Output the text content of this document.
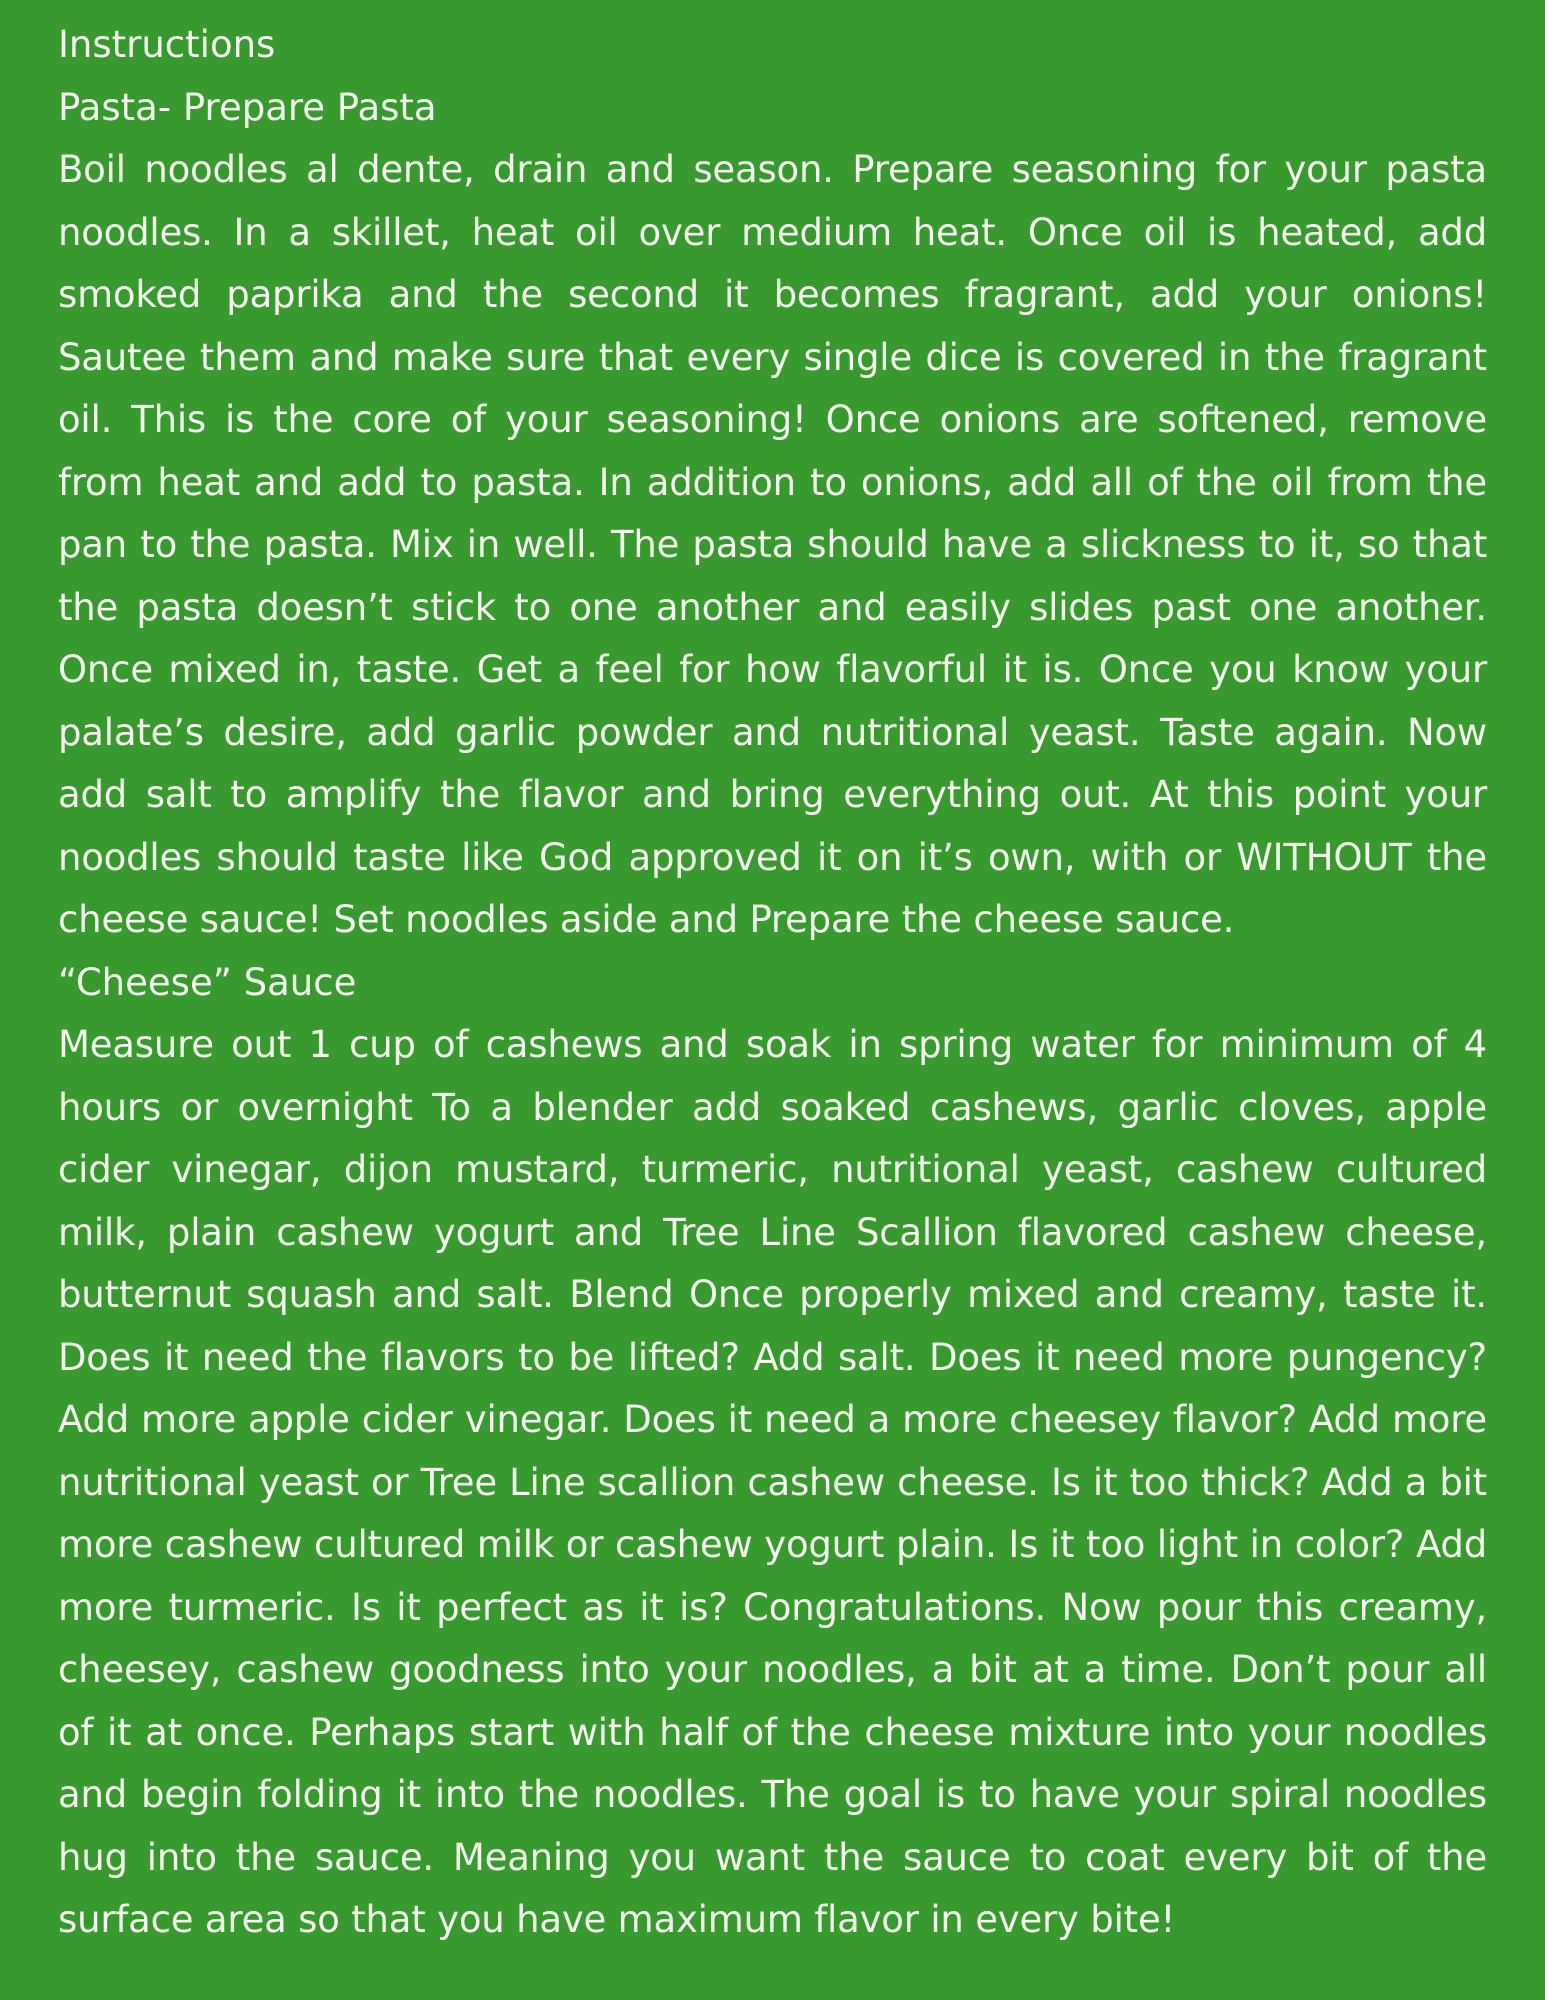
Instructions
Pasta- Prepare Pasta

Boil noodles al dente, drain and season. Prepare seasoning for your pasta noodles. In a skillet, heat oil over medium heat. Once oil is heated, add smoked paprika and the second it becomes fragrant, add your onions! Sautee them and make sure that every single dice is covered in the fragrant oil. This is the core of your seasoning! Once onions are softened, remove from heat and add to pasta. In addition to onions, add all of the oil from the pan to the pasta. Mix in well. The pasta should have a slickness to it, so that the pasta doesn’t stick to one another and easily slides past one another. Once mixed in, taste. Get a feel for how flavorful it is. Once you know your palate’s desire, add garlic powder and nutritional yeast. Taste again. Now add salt to amplify the flavor and bring everything out. At this point your noodles should taste like God approved it on it’s own, with or WITHOUT the cheese sauce! Set noodles aside and Prepare the cheese sauce.

“Cheese” Sauce

Measure out 1 cup of cashews and soak in spring water for minimum of 4 hours or overnight To a blender add soaked cashews, garlic cloves, apple cider vinegar, dijon mustard, turmeric, nutritional yeast, cashew cultured milk, plain cashew yogurt and Tree Line Scallion flavored cashew cheese, butternut squash and salt. Blend Once properly mixed and creamy, taste it. Does it need the flavors to be lifted? Add salt. Does it need more pungency? Add more apple cider vinegar. Does it need a more cheesey flavor? Add more nutritional yeast or Tree Line scallion cashew cheese. Is it too thick? Add a bit more cashew cultured milk or cashew yogurt plain. Is it too light in color? Add more turmeric. Is it perfect as it is? Congratulations. Now pour this creamy, cheesey, cashew goodness into your noodles, a bit at a time. Don’t pour all of it at once. Perhaps start with half of the cheese mixture into your noodles and begin folding it into the noodles. The goal is to have your spiral noodles hug into the sauce. Meaning you want the sauce to coat every bit of the surface area so that you have maximum flavor in every bite!
